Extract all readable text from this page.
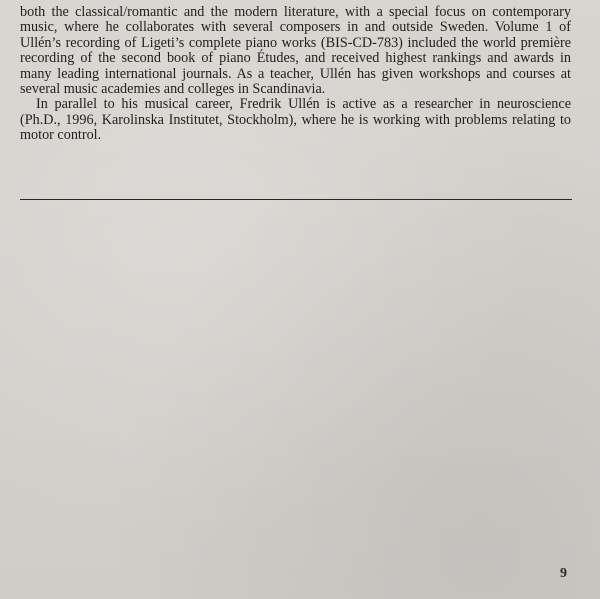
both the classical/romantic and the modern literature, with a special focus on contemporary music, where he collaborates with several composers in and outside Sweden. Volume 1 of Ullén’s recording of Ligeti’s complete piano works (BIS-CD-783) included the world première recording of the second book of piano Études, and received highest rankings and awards in many leading international journals. As a teacher, Ullén has given workshops and courses at several music academies and colleges in Scandinavia.

In parallel to his musical career, Fredrik Ullén is active as a researcher in neuroscience (Ph.D., 1996, Karolinska Institutet, Stockholm), where he is working with problems relating to motor control.

9
